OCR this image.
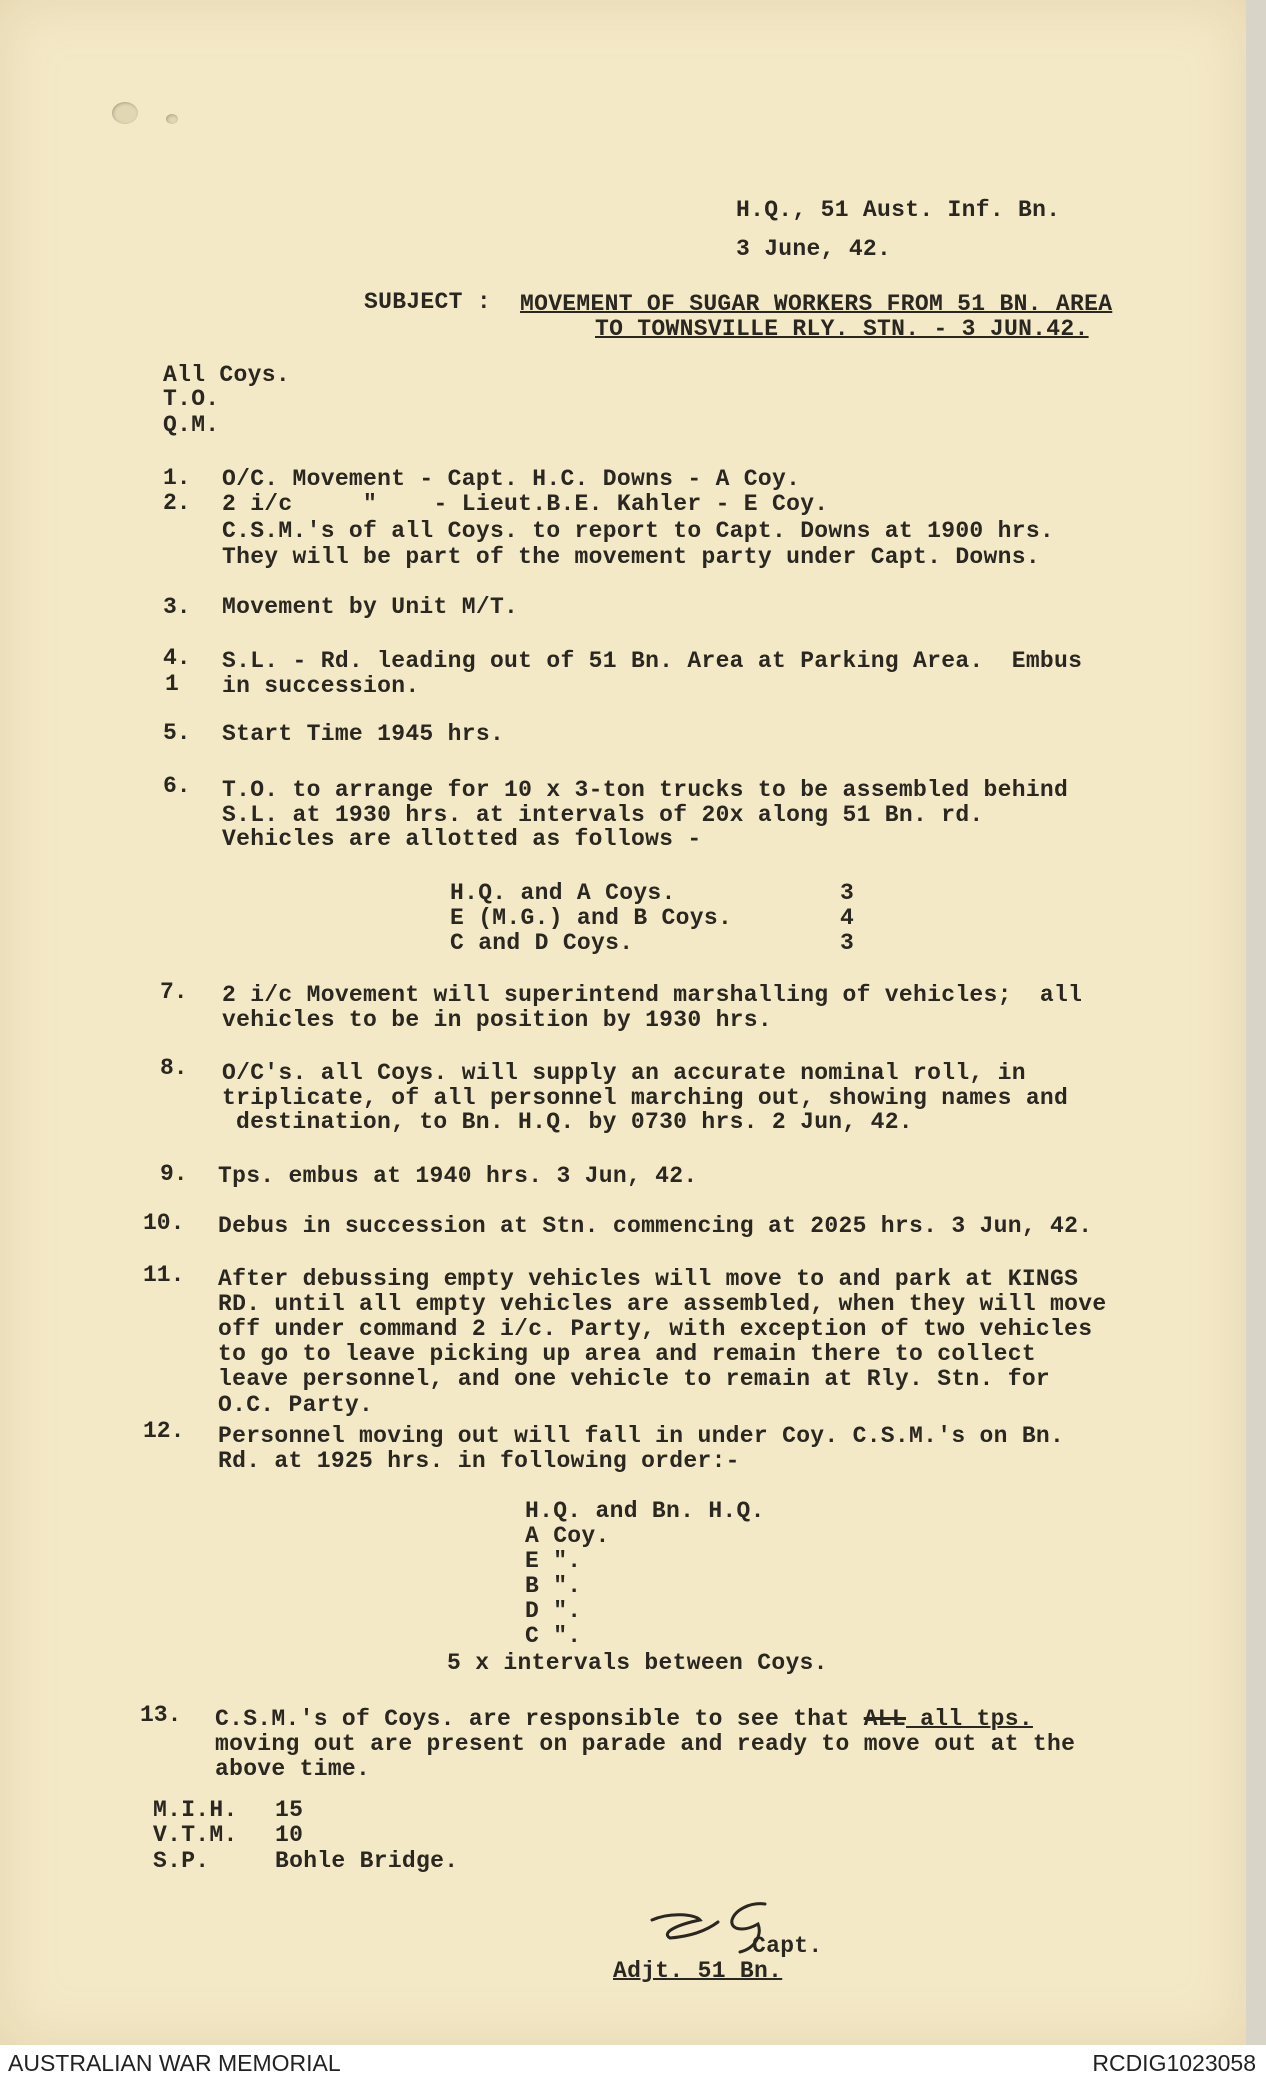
H.Q., 51 Aust. Inf. Bn.
3 June, 42.
SUBJECT : MOVEMENT OF SUGAR WORKERS FROM 51 BN. AREA
TO TOWNSVILLE RLY. STN. - 3 JUN.42.
All Coys.
T.O.
Q.M.
1. O/C. Movement - Capt. H.C. Downs - A Coy.
2. 2 i/c     "    - Lieut.B.E. Kahler - E Coy.
C.S.M.'s of all Coys. to report to Capt. Downs at 1900 hrs.
They will be part of the movement party under Capt. Downs.
3. Movement by Unit M/T.
4.
1
S.L. - Rd. leading out of 51 Bn. Area at Parking Area.  Embus
in succession.
5. Start Time 1945 hrs.
6. T.O. to arrange for 10 x 3-ton trucks to be assembled behind
S.L. at 1930 hrs. at intervals of 20x along 51 Bn. rd.
Vehicles are allotted as follows -
H.Q. and A Coys.	3
E (M.G.) and B Coys.	4
C and D Coys.	3
7. 2 i/c Movement will superintend marshalling of vehicles;  all
vehicles to be in position by 1930 hrs.
8. O/C's. all Coys. will supply an accurate nominal roll, in
triplicate, of all personnel marching out, showing names and
destination, to Bn. H.Q. by 0730 hrs. 2 Jun, 42.
9. Tps. embus at 1940 hrs. 3 Jun, 42.
10. Debus in succession at Stn. commencing at 2025 hrs. 3 Jun, 42.
11. After debussing empty vehicles will move to and park at KINGS
RD. until all empty vehicles are assembled, when they will move
off under command 2 i/c. Party, with exception of two vehicles
to go to leave picking up area and remain there to collect
leave personnel, and one vehicle to remain at Rly. Stn. for
O.C. Party.
12. Personnel moving out will fall in under Coy. C.S.M.'s on Bn.
Rd. at 1925 hrs. in following order:-
H.Q. and Bn. H.Q.
A Coy.
E ".
B ".
D ".
C ".
5 x intervals between Coys.
13. C.S.M.'s of Coys. are responsible to see that ALL all tps.
moving out are present on parade and ready to move out at the
above time.
M.I.H. 15
V.T.M. 10
S.P.	Bohle Bridge.
Capt.
Adjt. 51 Bn.
AUSTRALIAN WAR MEMORIAL	RCDIG1023058
